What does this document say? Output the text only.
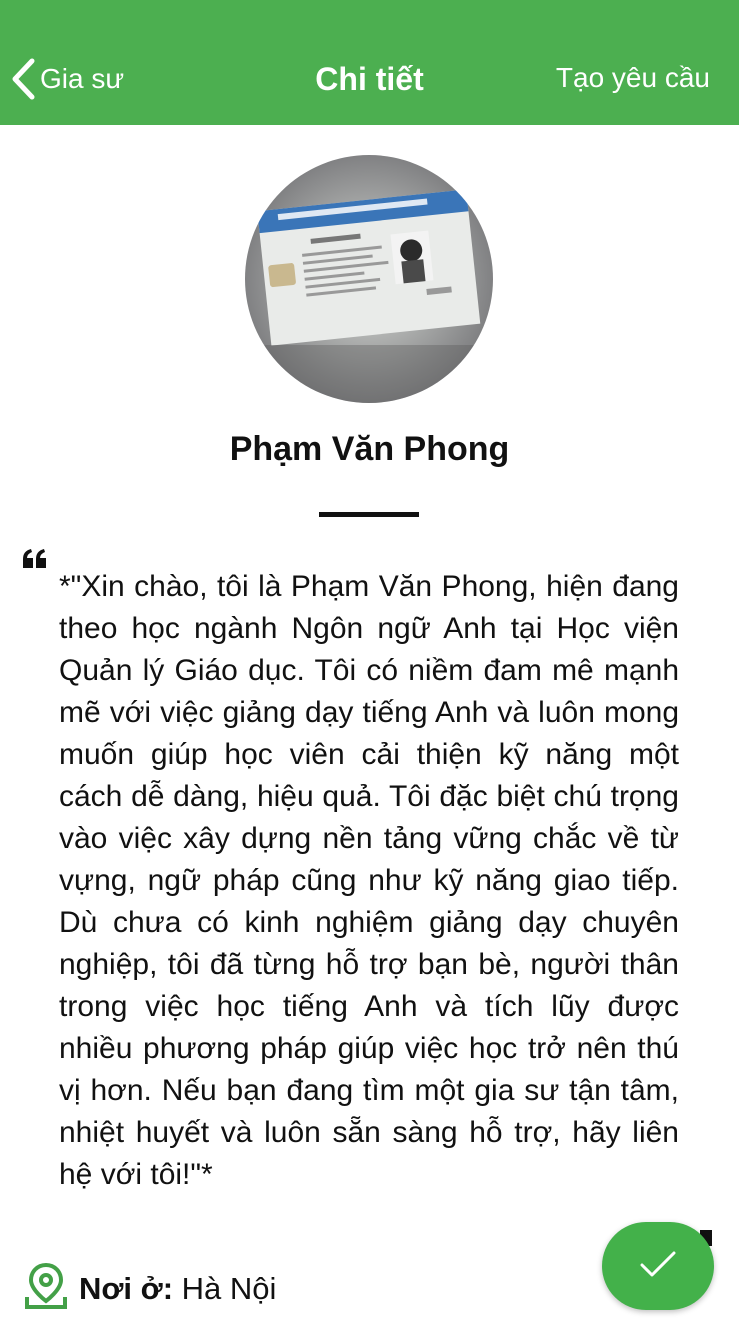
Gia sư	Chi tiết	Tạo yêu cầu
Phạm Văn Phong
*"Xin chào, tôi là Phạm Văn Phong, hiện đang theo học ngành Ngôn ngữ Anh tại Học viện Quản lý Giáo dục. Tôi có niềm đam mê mạnh mẽ với việc giảng dạy tiếng Anh và luôn mong muốn giúp học viên cải thiện kỹ năng một cách dễ dàng, hiệu quả. Tôi đặc biệt chú trọng vào việc xây dựng nền tảng vững chắc về từ vựng, ngữ pháp cũng như kỹ năng giao tiếp. Dù chưa có kinh nghiệm giảng dạy chuyên nghiệp, tôi đã từng hỗ trợ bạn bè, người thân trong việc học tiếng Anh và tích lũy được nhiều phương pháp giúp việc học trở nên thú vị hơn. Nếu bạn đang tìm một gia sư tận tâm, nhiệt huyết và luôn sẵn sàng hỗ trợ, hãy liên hệ với tôi!"*
Nơi ở: Hà Nội
